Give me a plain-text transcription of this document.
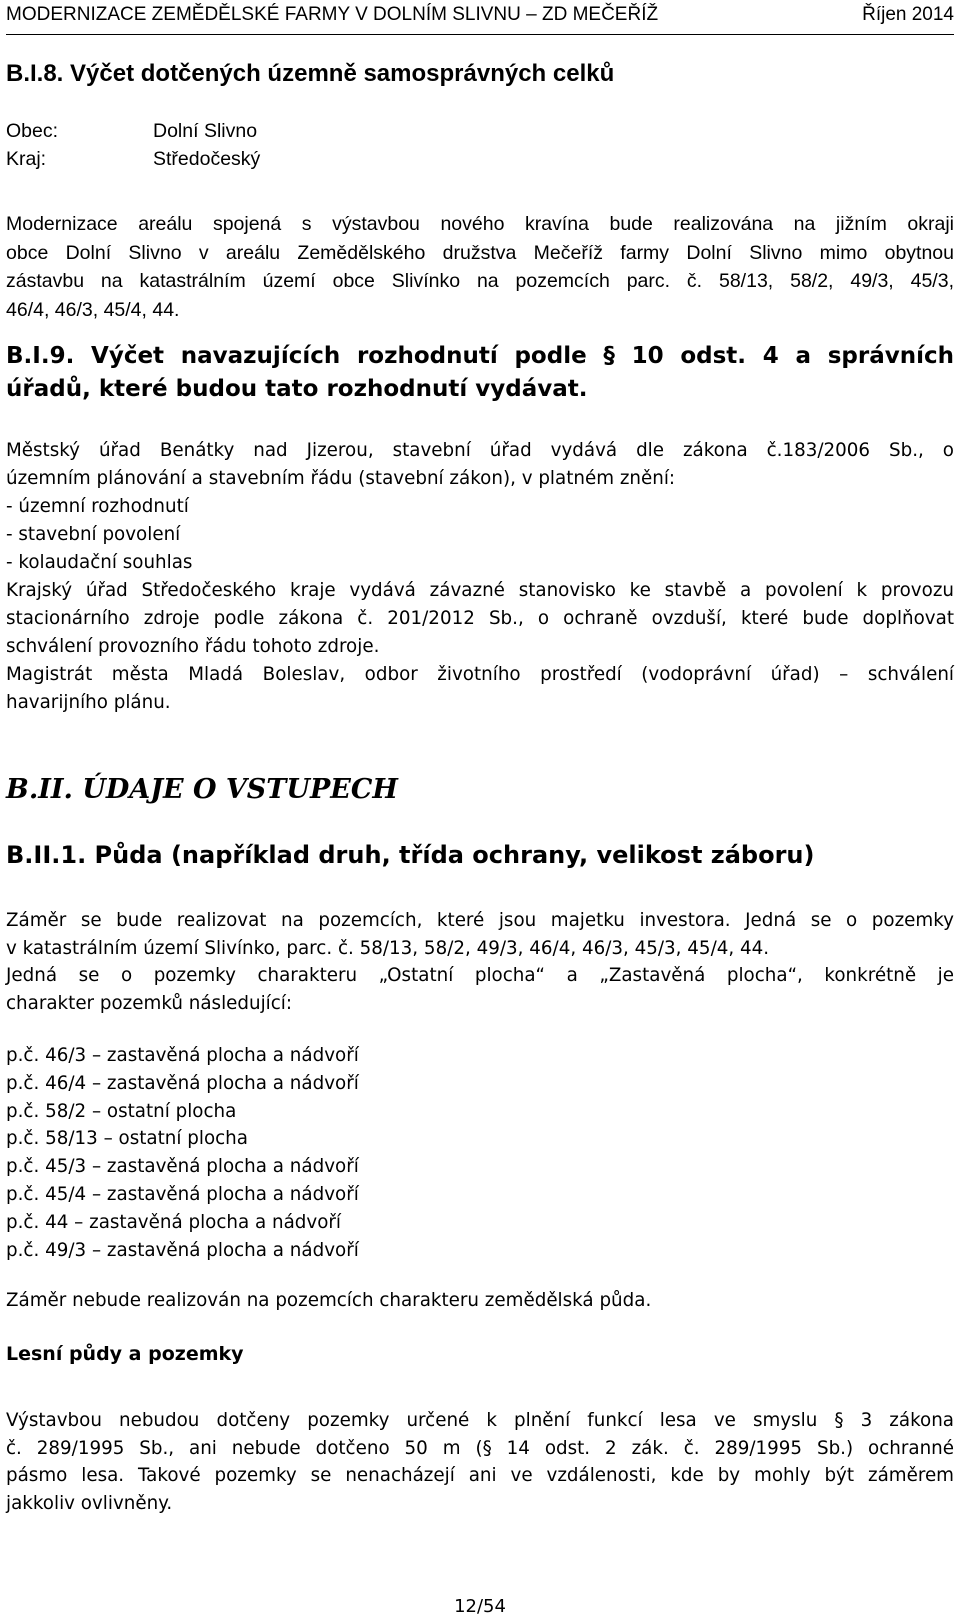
MODERNIZACE ZEMĚDĚLSKÉ FARMY V DOLNÍM SLIVNU – ZD MEČEŘÍŽ	Říjen 2014
B.I.8. Výčet dotčených územně samosprávných celků
Obec:	Dolní Slivno
Kraj:	Středočeský
Modernizace areálu spojená s výstavbou nového kravína bude realizována na jižním okraji
obce Dolní Slivno v areálu Zemědělského družstva Mečeříž farmy Dolní Slivno mimo obytnou
zástavbu na katastrálním území obce Slivínko na pozemcích parc. č. 58/13, 58/2, 49/3, 45/3,
46/4, 46/3, 45/4, 44.
B.I.9. Výčet navazujících rozhodnutí podle § 10 odst. 4 a správních
úřadů, které budou tato rozhodnutí vydávat.
Městský úřad Benátky nad Jizerou, stavební úřad vydává dle zákona č.183/2006 Sb., o
územním plánování a stavebním řádu (stavební zákon), v platném znění:
- územní rozhodnutí
- stavební povolení
- kolaudační souhlas
Krajský úřad Středočeského kraje vydává závazné stanovisko ke stavbě a povolení k provozu
stacionárního zdroje podle zákona č. 201/2012 Sb., o ochraně ovzduší, které bude doplňovat
schválení provozního řádu tohoto zdroje.
Magistrát města Mladá Boleslav, odbor životního prostředí (vodoprávní úřad) – schválení
havarijního plánu.
B.II. ÚDAJE O VSTUPECH
B.II.1. Půda (například druh, třída ochrany, velikost záboru)
Záměr se bude realizovat na pozemcích, které jsou majetku investora. Jedná se o pozemky
v katastrálním území Slivínko, parc. č. 58/13, 58/2, 49/3, 46/4, 46/3, 45/3, 45/4, 44.
Jedná se o pozemky charakteru „Ostatní plocha“ a „Zastavěná plocha“, konkrétně je
charakter pozemků následující:
p.č. 46/3 – zastavěná plocha a nádvoří
p.č. 46/4 – zastavěná plocha a nádvoří
p.č. 58/2 – ostatní plocha
p.č. 58/13 – ostatní plocha
p.č. 45/3 – zastavěná plocha a nádvoří
p.č. 45/4 – zastavěná plocha a nádvoří
p.č. 44 – zastavěná plocha a nádvoří
p.č. 49/3 – zastavěná plocha a nádvoří
Záměr nebude realizován na pozemcích charakteru zemědělská půda.
Lesní půdy a pozemky
Výstavbou nebudou dotčeny pozemky určené k plnění funkcí lesa ve smyslu § 3 zákona
č. 289/1995 Sb., ani nebude dotčeno 50 m (§ 14 odst. 2 zák. č. 289/1995 Sb.) ochranné
pásmo lesa. Takové pozemky se nenacházejí ani ve vzdálenosti, kde by mohly být záměrem
jakkoliv ovlivněny.
12/54
